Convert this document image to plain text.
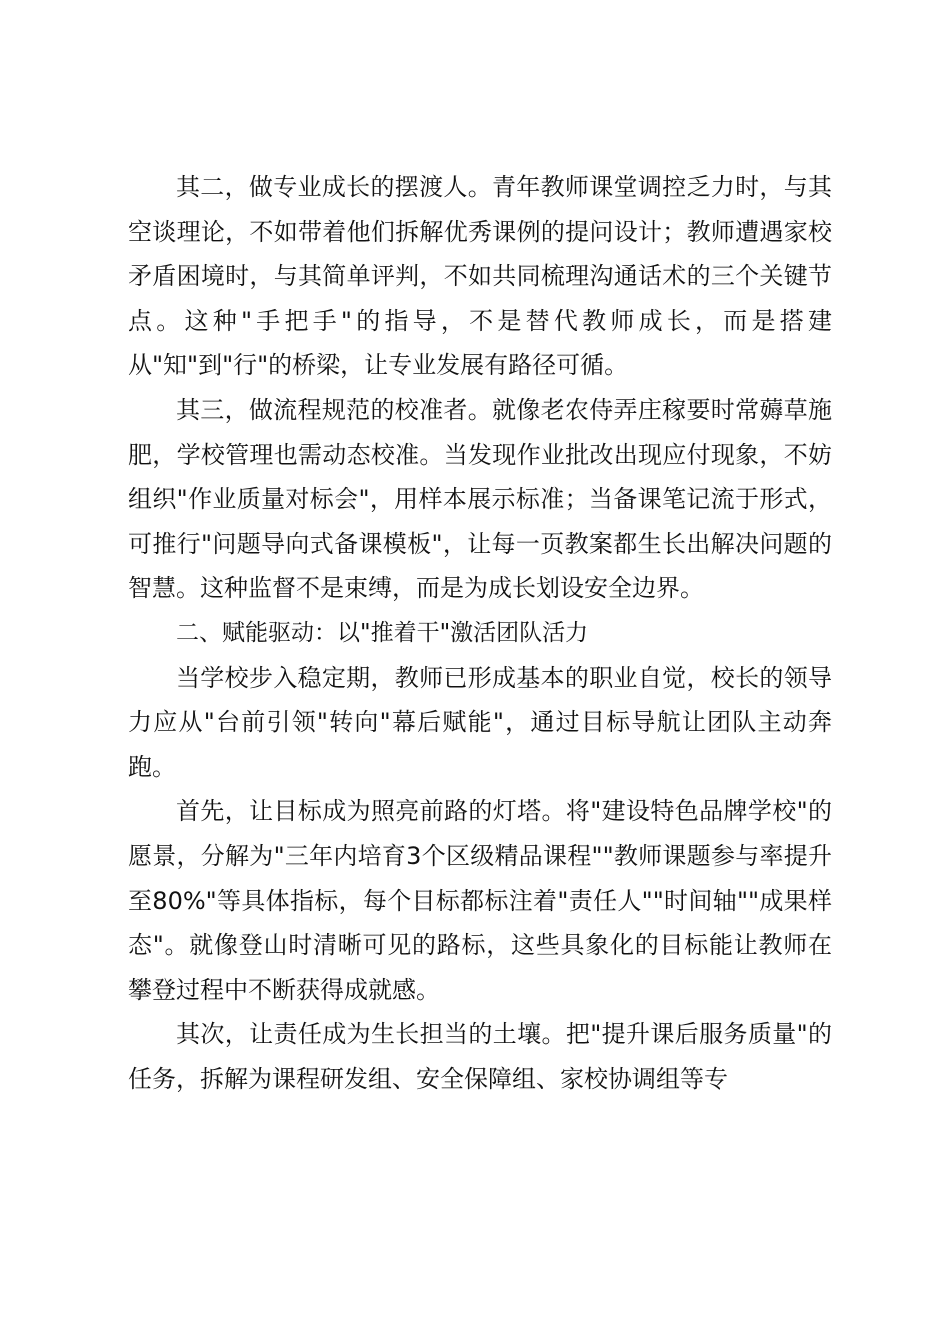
其二，做专业成长的摆渡人。青年教师课堂调控乏力时，与其空谈理论，不如带着他们拆解优秀课例的提问设计；教师遭遇家校矛盾困境时，与其简单评判，不如共同梳理沟通话术的三个关键节点。这种"手把手"的指导，不是替代教师成长，而是搭建从"知"到"行"的桥梁，让专业发展有路径可循。

其三，做流程规范的校准者。就像老农侍弄庄稼要时常薅草施肥，学校管理也需动态校准。当发现作业批改出现应付现象，不妨组织"作业质量对标会"，用样本展示标准；当备课笔记流于形式，可推行"问题导向式备课模板"，让每一页教案都生长出解决问题的智慧。这种监督不是束缚，而是为成长划设安全边界。

二、赋能驱动：以"推着干"激活团队活力

当学校步入稳定期，教师已形成基本的职业自觉，校长的领导力应从"台前引领"转向"幕后赋能"，通过目标导航让团队主动奔跑。

首先，让目标成为照亮前路的灯塔。将"建设特色品牌学校"的愿景，分解为"三年内培育3个区级精品课程""教师课题参与率提升至80%"等具体指标，每个目标都标注着"责任人""时间轴""成果样态"。就像登山时清晰可见的路标，这些具象化的目标能让教师在攀登过程中不断获得成就感。

其次，让责任成为生长担当的土壤。把"提升课后服务质量"的任务，拆解为课程研发组、安全保障组、家校协调组等专
